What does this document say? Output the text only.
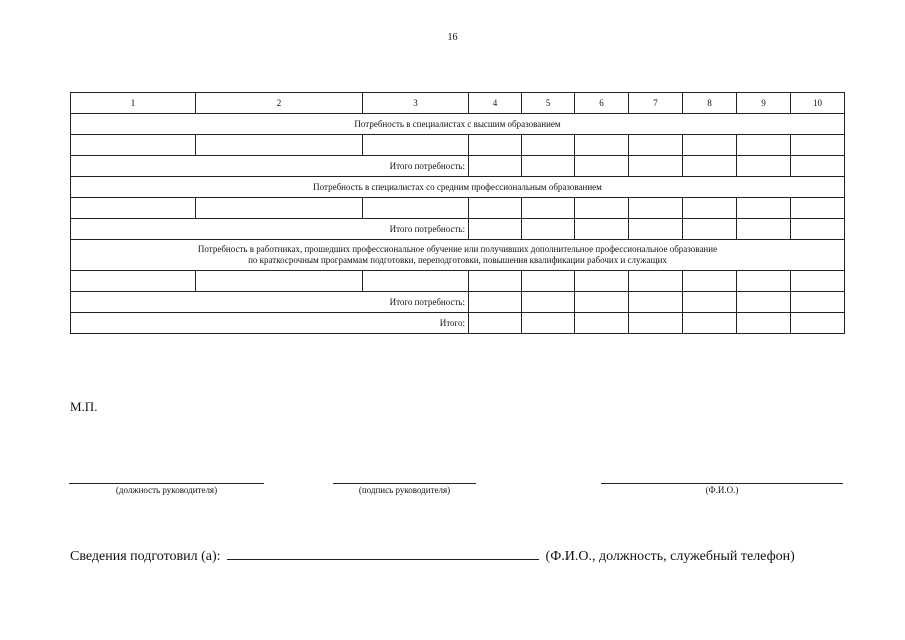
16
1	2	3	4	5	6	7	8	9	10
Потребность в специалистах с высшим образованием									

Итого потребность:									
Потребность в специалистах со средним профессиональным образованием									

Итого потребность:									
Потребность в работниках, прошедших профессиональное обучение или получивших дополнительное профессиональное образование
по краткосрочным программам подготовки, переподготовки, повышения квалификации рабочих и служащих									

Итого потребность:									
Итого:									
М.П.
(должность руководителя)	(подпись руководителя)	(Ф.И.О.)
Сведения подготовил (а):	(Ф.И.О., должность, служебный телефон)
